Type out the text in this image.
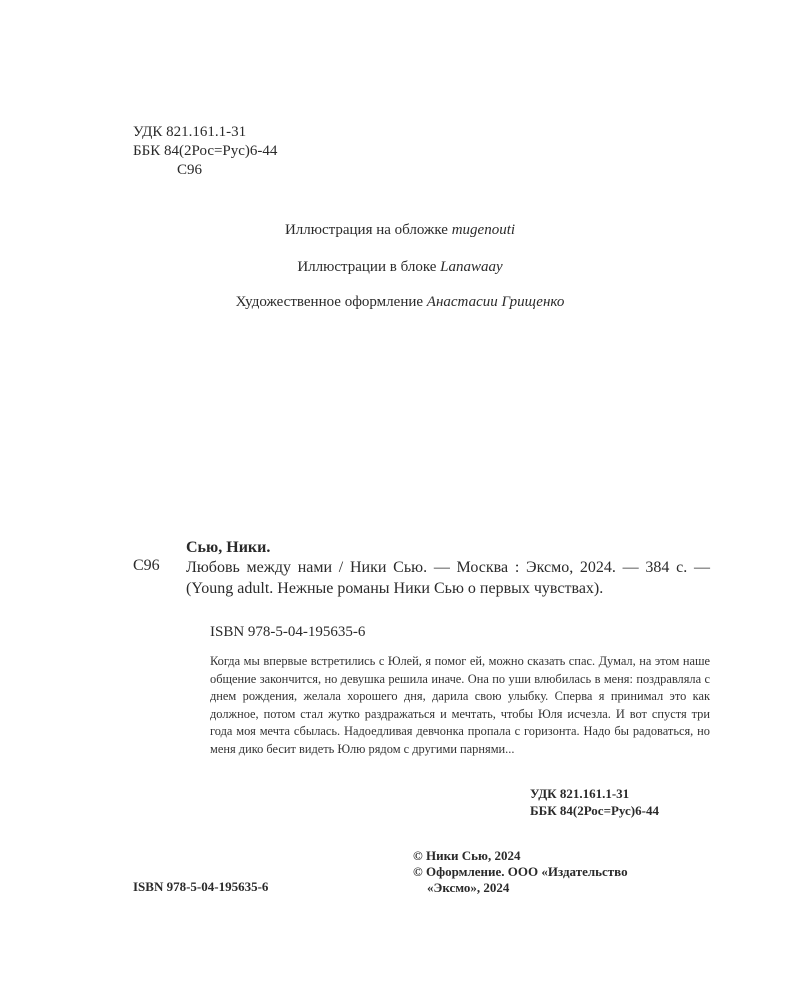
УДК 821.161.1-31
ББК 84(2Рос=Рус)6-44
С96
Иллюстрация на обложке mugenouti
Иллюстрации в блоке Lanawaay
Художественное оформление Анастасии Грищенко
Сью, Ники.
С96 Любовь между нами / Ники Сью. — Москва : Эксмо, 2024. — 384 с. — (Young adult. Нежные романы Ники Сью о первых чувствах).
ISBN 978-5-04-195635-6
Когда мы впервые встретились с Юлей, я помог ей, можно сказать спас. Думал, на этом наше общение закончится, но девушка решила иначе. Она по уши влюбилась в меня: поздравляла с днем рождения, желала хорошего дня, дарила свою улыбку. Сперва я принимал это как должное, потом стал жутко раздражаться и мечтать, чтобы Юля исчезла. И вот спустя три года моя мечта сбылась. Надоедливая девчонка пропала с горизонта. Надо бы радоваться, но меня дико бесит видеть Юлю рядом с другими парнями...
УДК 821.161.1-31
ББК 84(2Рос=Рус)6-44
© Ники Сью, 2024
© Оформление. ООО «Издательство
«Эксмо», 2024
ISBN 978-5-04-195635-6
